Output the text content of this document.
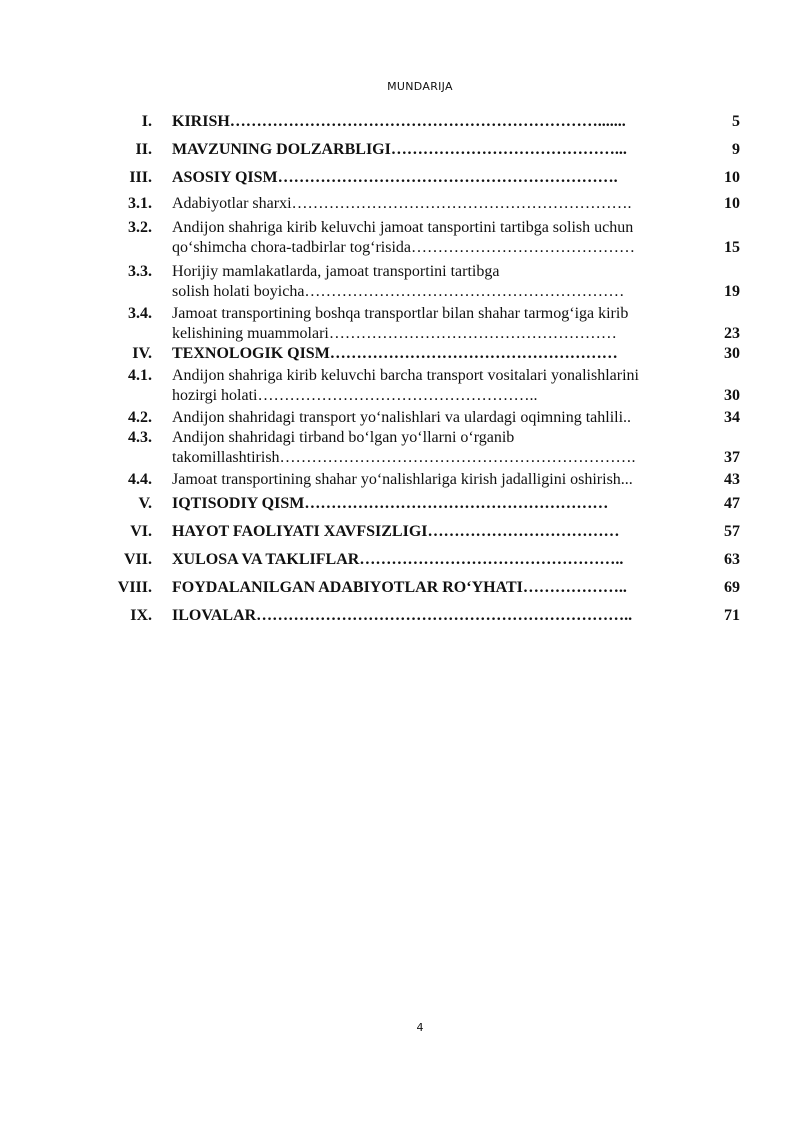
MUNDARIJA
I. KIRISH…………………………………………………………….......	5
II. MAVZUNING DOLZARBLIGI……………………………………...	9
III. ASOSIY QISM……………………………………………………….	10
3.1. Adabiyotlar sharxi……………………………………………………….	10
3.2. Andijon shahriga kirib keluvchi jamoat tansportini tartibga solish uchun
qo‘shimcha chora-tadbirlar tog‘risida……………………………………	15
3.3. Horijiy mamlakatlarda, jamoat transportini tartibga
solish holati boyicha……………………………………………………	19
3.4. Jamoat transportining boshqa transportlar bilan shahar tarmog‘iga kirib
kelishining muammolari………………………………………………	23
IV. TEXNOLOGIK QISM………………………………………………	30
4.1. Andijon shahriga kirib keluvchi barcha transport vositalari yonalishlarini
hozirgi holati……………………………………………..	30
4.2. Andijon shahridagi transport yo‘nalishlari va ulardagi oqimning tahlili..	34
4.3. Andijon shahridagi tirband bo‘lgan yo‘llarni o‘rganib
takomillashtirish………………………………………………………….	37
4.4. Jamoat transportining shahar yo‘nalishlariga kirish jadalligini oshirish...	43
V. IQTISODIY QISM…………………………………………………	47
VI. HAYOT FAOLIYATI XAVFSIZLIGI………………………………	57
VII. XULOSA VA TAKLIFLAR…………………………………………..	63
VIII. FOYDALANILGAN ADABIYOTLAR RO‘YHATI………………..	69
IX. ILOVALAR……………………………………………………………..	71
4
